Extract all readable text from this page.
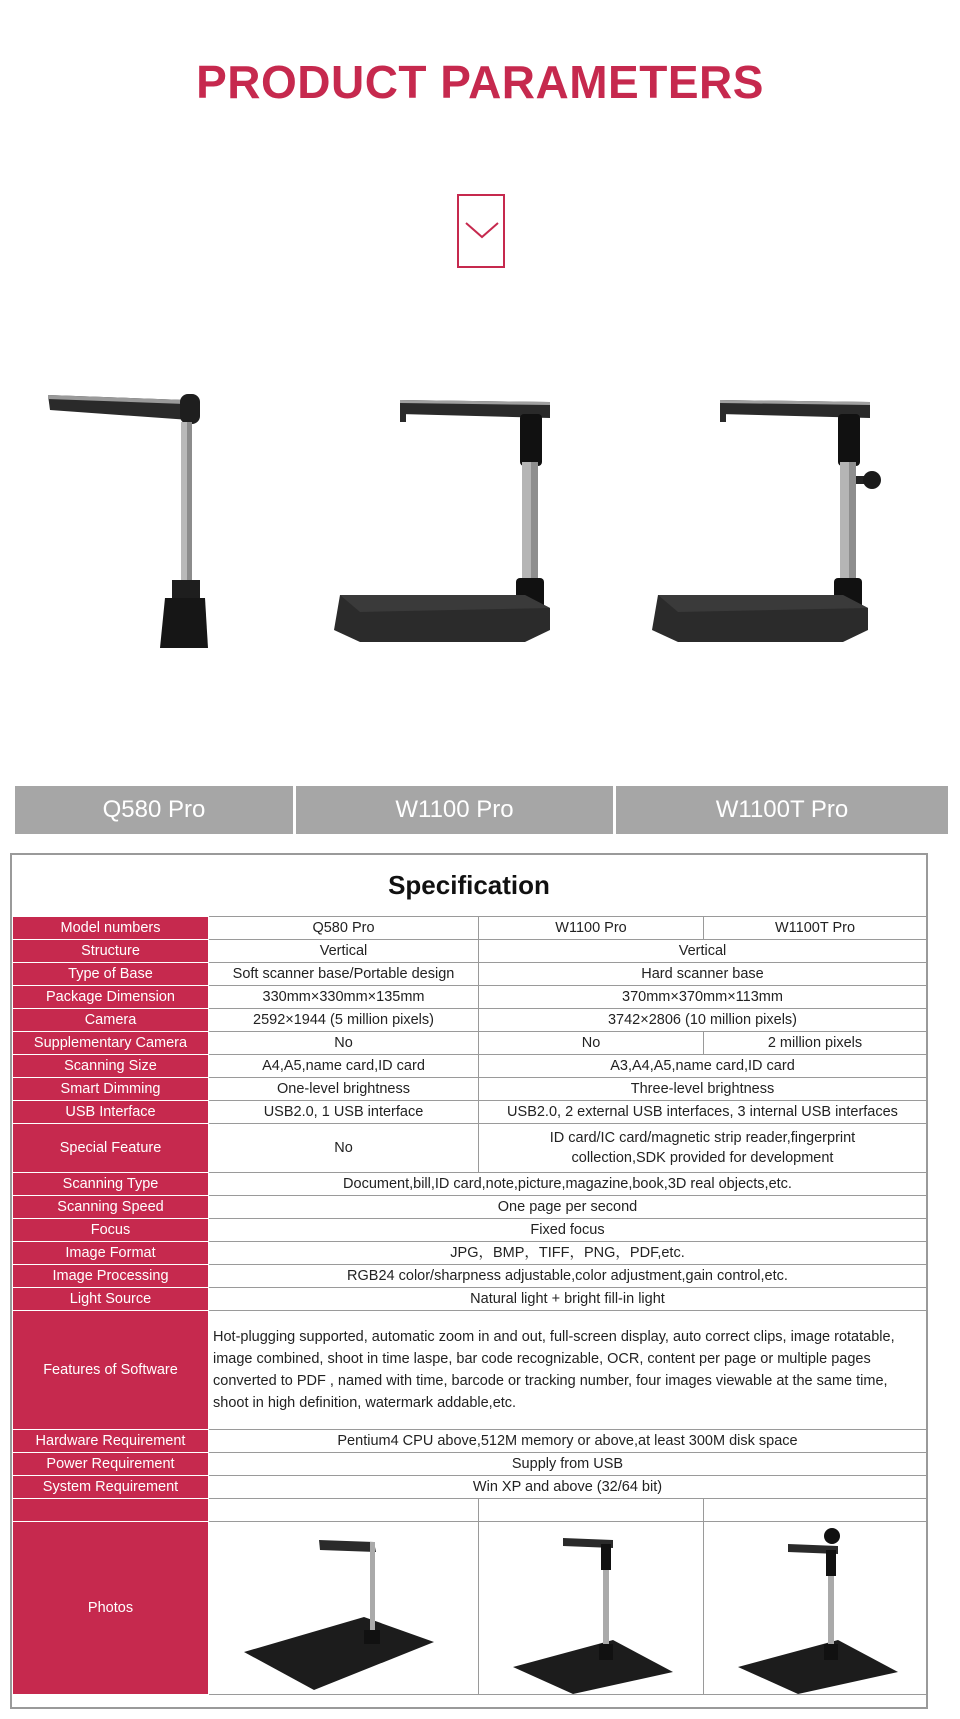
PRODUCT PARAMETERS
Q580 Pro	W1100 Pro	W1100T Pro
Specification
Model numbers	Q580 Pro	W1100 Pro	W1100T Pro
Structure	Vertical	Vertical	
Type of Base	Soft scanner base/Portable design	Hard scanner base	
Package Dimension	330mm×330mm×135mm	370mm×370mm×113mm	
Camera	2592×1944 (5 million pixels)	3742×2806 (10 million pixels)	
Supplementary Camera	No	No	2 million pixels
Scanning Size	A4,A5,name card,ID card	A3,A4,A5,name card,ID card	
Smart Dimming	One-level brightness	Three-level brightness	
USB Interface	USB2.0, 1 USB interface	USB2.0, 2 external USB interfaces, 3 internal USB interfaces	
Special Feature	No	ID card/IC card/magnetic strip reader,fingerprint collection,SDK provided for development	
Scanning Type	Document,bill,ID card,note,picture,magazine,book,3D real objects,etc.		
Scanning Speed	One page per second		
Focus	Fixed focus		
Image Format	JPG，BMP，TIFF，PNG，PDF,etc.		
Image Processing	RGB24 color/sharpness adjustable,color adjustment,gain control,etc.		
Light Source	Natural light + bright fill-in light		
Features of Software	Hot-plugging supported, automatic zoom in and out, full-screen display, auto correct clips, image rotatable, image combined, shoot in time laspe, bar code recognizable, OCR, content per page or multiple pages converted to PDF , named with time, barcode or tracking number, four images viewable at the same time, shoot in high definition, watermark addable,etc.		
Hardware Requirement	Pentium4 CPU above,512M memory or above,at least 300M disk space		
Power Requirement	Supply from USB		
System Requirement	Win XP and above (32/64 bit)		

Photos	
